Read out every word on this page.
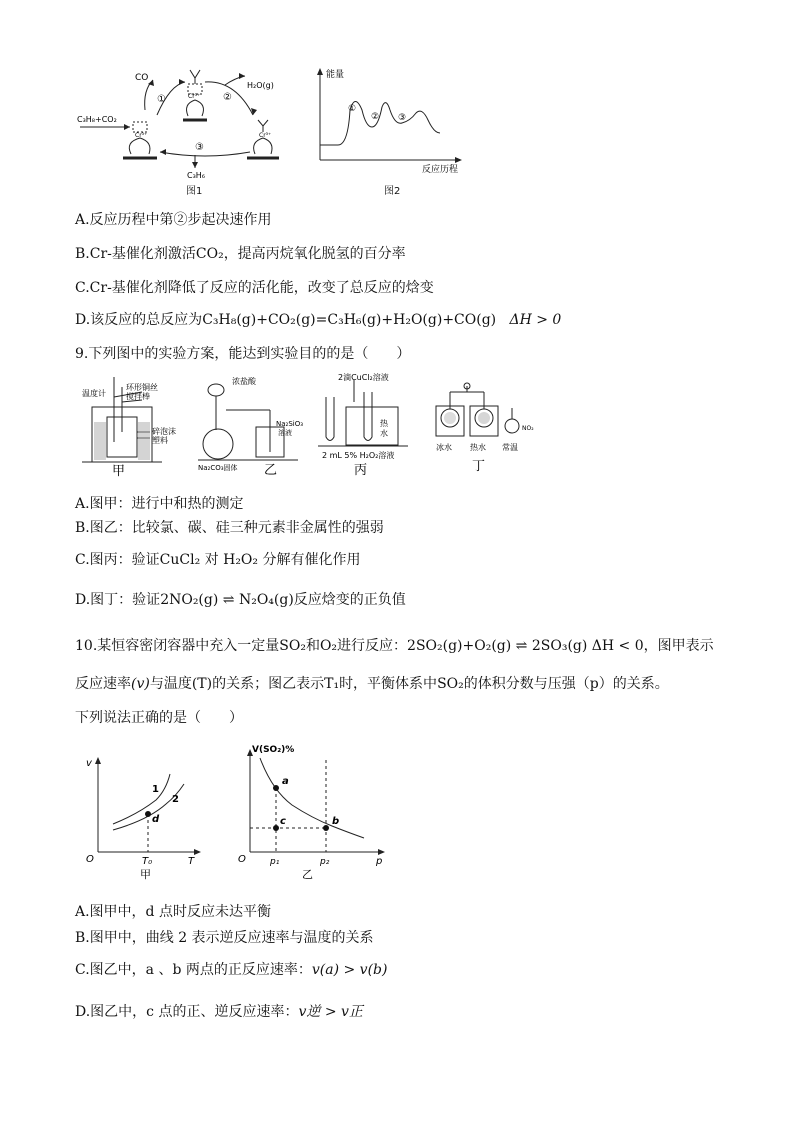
CO
①	②
H₂O(g)
C₃H₈+CO₂
③
C₃H₆
Cr³⁺
Cr³⁺	Cr³⁺
图1
能量
反应历程
①
② ③
图2
A.反应历程中第②步起决速作用
B.Cr-基催化剂激活CO₂，提高丙烷氧化脱氢的百分率
C.Cr-基催化剂降低了反应的活化能，改变了总反应的焓变
D.该反应的总反应为C₃H₈(g)+CO₂(g)=C₃H₆(g)+H₂O(g)+CO(g) ΔH > 0
9.下列图中的实验方案，能达到实验目的的是（　　）
温度计
环形铜丝
搅拌棒
碎泡沫
塑料
甲
浓盐酸
Na₂SiO₃
溶液
Na₂CO₃固体 乙
2滴CuCl₂溶液
热
水
2 mL 5% H₂O₂溶液
丙
冰水 热水 常温
NO₂
丁
A.图甲：进行中和热的测定
B.图乙：比较氯、碳、硅三种元素非金属性的强弱
C.图丙：验证CuCl₂ 对 H₂O₂ 分解有催化作用
D.图丁：验证2NO₂(g) ⇌ N₂O₄(g)反应焓变的正负值
10.某恒容密闭容器中充入一定量SO₂和O₂进行反应：2SO₂(g)+O₂(g) ⇌ 2SO₃(g) ΔH < 0，图甲表示
反应速率(v)与温度(T)的关系；图乙表示T₁时，平衡体系中SO₂的体积分数与压强（p）的关系。
下列说法正确的是（　　）
v
T
O	T₀
1
2
d
甲
V(SO₂)%
p
O	p₁	p₂
a
b
c
乙
A.图甲中，d 点时反应未达平衡
B.图甲中，曲线 2 表示逆反应速率与温度的关系
C.图乙中，a 、b 两点的正反应速率：v(a) > v(b)
D.图乙中，c 点的正、逆反应速率：v逆 > v正
